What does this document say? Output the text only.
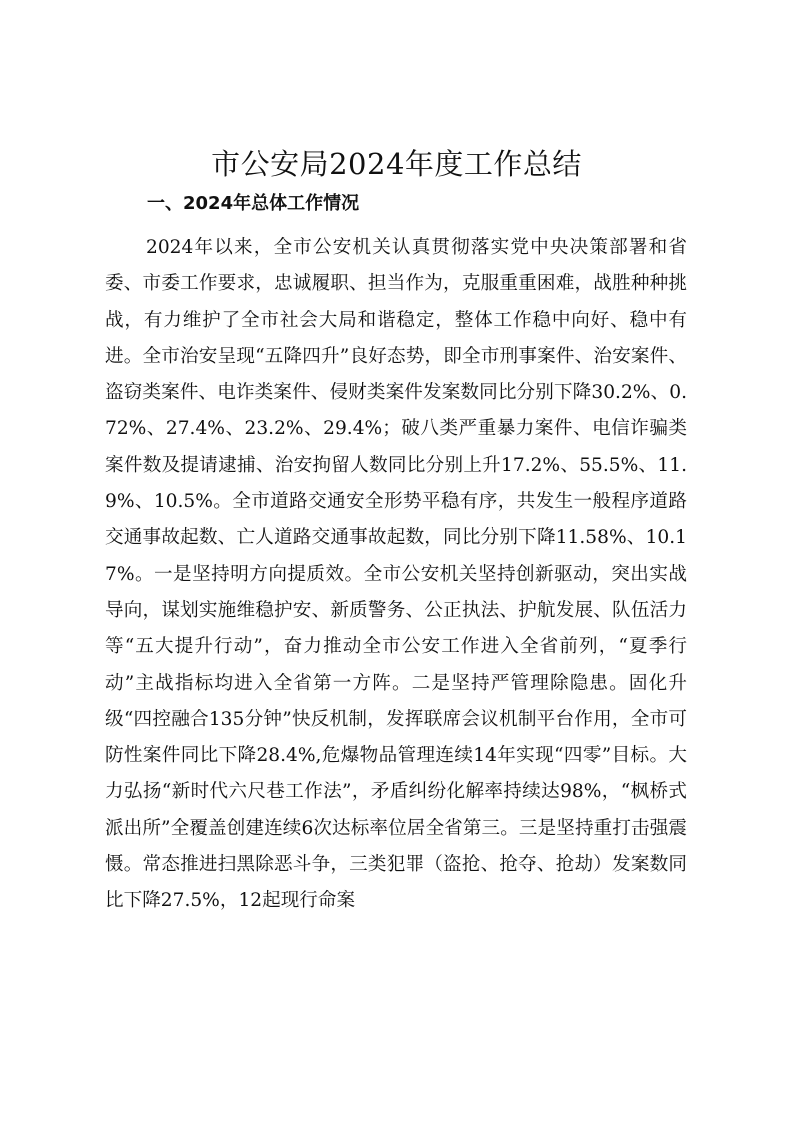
市公安局2024年度工作总结
一、2024年总体工作情况

2024年以来，全市公安机关认真贯彻落实党中央决策部署和省委、市委工作要求，忠诚履职、担当作为，克服重重困难，战胜种种挑战，有力维护了全市社会大局和谐稳定，整体工作稳中向好、稳中有进。全市治安呈现“五降四升”良好态势，即全市刑事案件、治安案件、盗窃类案件、电诈类案件、侵财类案件发案数同比分别下降30.2%、0.72%、27.4%、23.2%、29.4%；破八类严重暴力案件、电信诈骗类案件数及提请逮捕、治安拘留人数同比分别上升17.2%、55.5%、11.9%、10.5%。全市道路交通安全形势平稳有序，共发生一般程序道路交通事故起数、亡人道路交通事故起数，同比分别下降11.58%、10.17%。一是坚持明方向提质效。全市公安机关坚持创新驱动，突出实战导向，谋划实施维稳护安、新质警务、公正执法、护航发展、队伍活力等“五大提升行动”，奋力推动全市公安工作进入全省前列，“夏季行动”主战指标均进入全省第一方阵。二是坚持严管理除隐患。固化升级“四控融合135分钟”快反机制，发挥联席会议机制平台作用，全市可防性案件同比下降28.4%,危爆物品管理连续14年实现“四零”目标。大力弘扬“新时代六尺巷工作法”，矛盾纠纷化解率持续达98%，“枫桥式派出所”全覆盖创建连续6次达标率位居全省第三。三是坚持重打击强震慑。常态推进扫黑除恶斗争，三类犯罪（盗抢、抢夺、抢劫）发案数同比下降27.5%，12起现行命案
